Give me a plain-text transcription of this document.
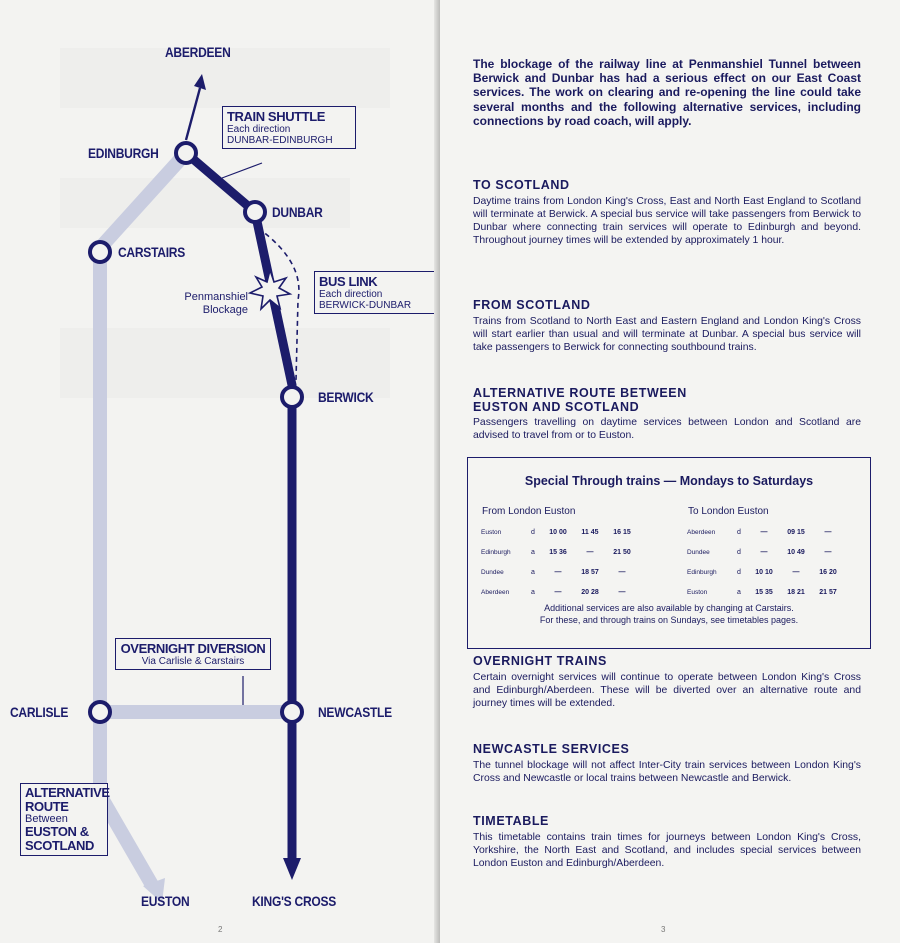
ABERDEEN
EDINBURGH
DUNBAR
CARSTAIRS
BERWICK
CARLISLE	NEWCASTLE
EUSTON	KING'S CROSS
Penmanshiel
Blockage
TRAIN SHUTTLE
Each direction
DUNBAR-EDINBURGH
BUS LINK
Each direction
BERWICK-DUNBAR
OVERNIGHT DIVERSION
Via Carlisle & Carstairs
ALTERNATIVE
ROUTE
Between
EUSTON &
SCOTLAND
2

The blockage of the railway line at Penmanshiel Tunnel between Berwick and Dunbar has had a serious effect on our East Coast services. The work on clearing and re-opening the line could take several months and the following alternative services, including connections by road coach, will apply.

TO SCOTLAND

Daytime trains from London King's Cross, East and North East England to Scotland will terminate at Berwick. A special bus service will take passengers from Berwick to Dunbar where connecting train services will operate to Edinburgh and beyond. Throughout journey times will be extended by approximately 1 hour.

FROM SCOTLAND

Trains from Scotland to North East and Eastern England and London King's Cross will start earlier than usual and will terminate at Dunbar. A special bus service will take passengers to Berwick for connecting southbound trains.

ALTERNATIVE ROUTE BETWEEN

EUSTON AND SCOTLAND

Passengers travelling on daytime services between London and Scotland are advised to travel from or to Euston.

Special Through trains — Mondays to Saturdays
From London Euston	To London Euston
Euston	d	10 00	11 45	16 15
Edinburgh	a	15 36	—	21 50
Dundee	a	—	18 57	—
Aberdeen	a	—	20 28	—
Aberdeen	d	—	09 15	—
Dundee	d	—	10 49	—
Edinburgh	d	10 10	—	16 20
Euston	a	15 35	18 21	21 57
Additional services are also available by changing at Carstairs.
For these, and through trains on Sundays, see timetables pages.

OVERNIGHT TRAINS

Certain overnight services will continue to operate between London King's Cross and Edinburgh/Aberdeen. These will be diverted over an alternative route and journey times will be extended.

NEWCASTLE SERVICES

The tunnel blockage will not affect Inter-City train services between London King's Cross and Newcastle or local trains between Newcastle and Berwick.

TIMETABLE

This timetable contains train times for journeys between London King's Cross, Yorkshire, the North East and Scotland, and includes special services between London Euston and Edinburgh/Aberdeen.

3
